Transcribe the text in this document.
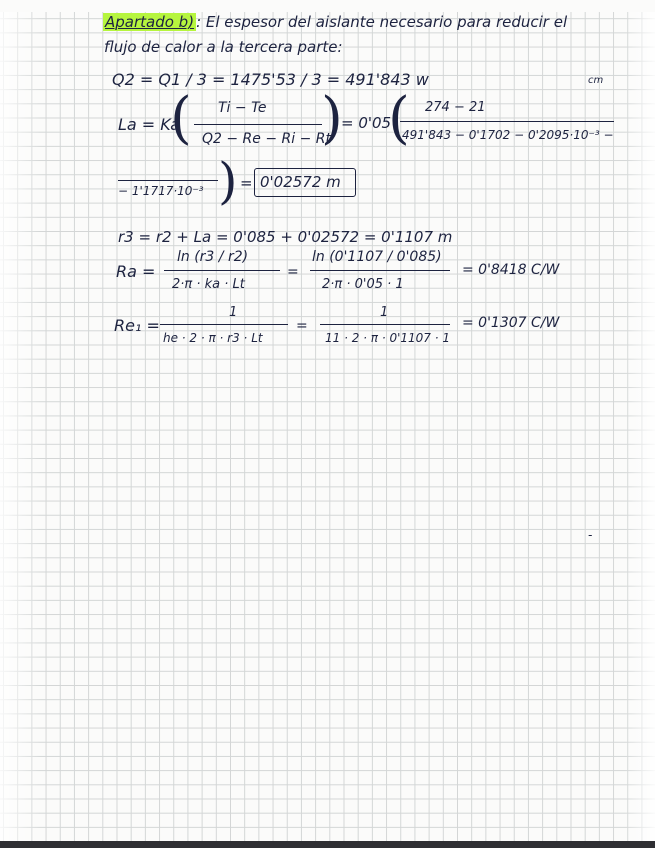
Apartado b) : El espesor del aislante necesario para reducir el
flujo de calor a la tercera parte:
Q2 = Q1 / 3 = 1475'53 / 3 = 491'843 w	cm
La = Ka
( Ti − Te
Q2 − Re − Ri − Rt
)
= 0'05
( 274 − 21
491'843 − 0'1702 − 0'2095·10⁻³ −
− 1'1717·10⁻³ ) = 0'02572 m
r3 = r2 + La = 0'085 + 0'02572 = 0'1107 m
Ra =
ln (r3 / r2)
2·π · ka · Lt
=
ln (0'1107 / 0'085)
2·π · 0'05 · 1
= 0'8418 C/W
Re₁ =
1
he · 2 · π · r3 · Lt
=
1
11 · 2 · π · 0'1107 · 1
= 0'1307 C/W
-
